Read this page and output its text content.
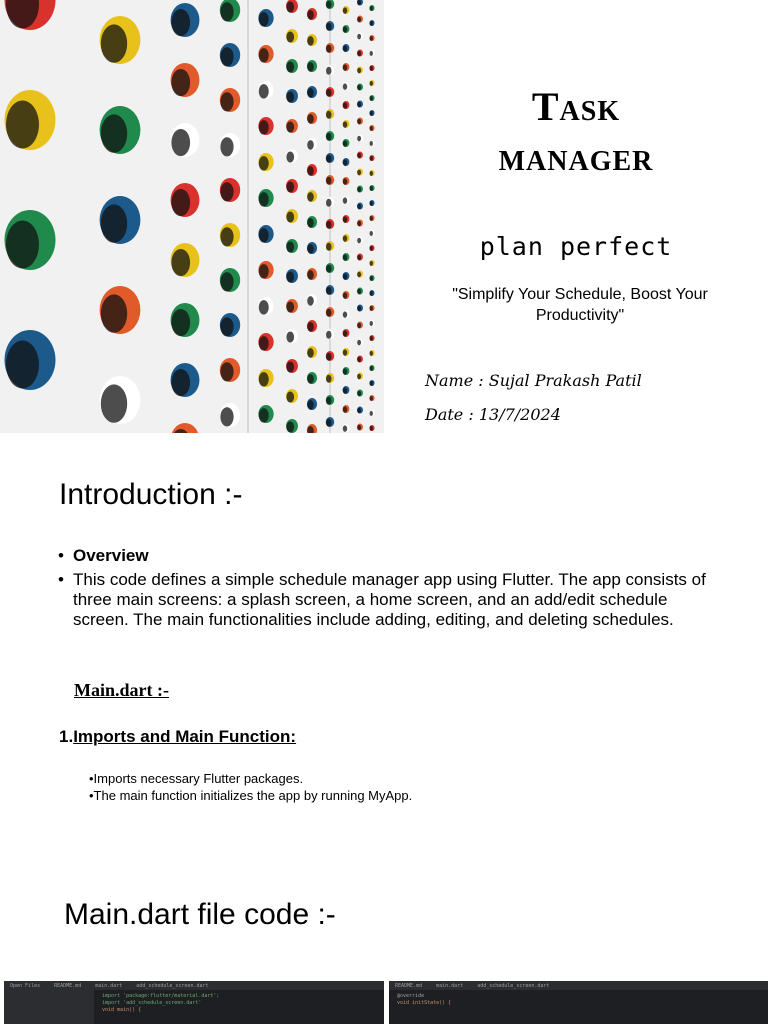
Task
manager
plan perfect
"Simplify Your Schedule, Boost Your Productivity"
Name : Sujal Prakash Patil
Date : 13/7/2024
Introduction :-
• Overview
• This code defines a simple schedule manager app using Flutter. The app consists of three main screens: a splash screen, a home screen, and an add/edit schedule screen. The main functionalities include adding, editing, and deleting schedules.
Main.dart :-
1.Imports and Main Function:
•Imports necessary Flutter packages.
•The main function initializes the app by running MyApp.
Main.dart file code :-
Open Files	README.md	main.dart	add_schedule_screen.dart
import 'package:flutter/material.dart';
import 'add_schedule_screen.dart'
void main() {
README.md	main.dart	add_schedule_screen.dart
@override
void initState() {
